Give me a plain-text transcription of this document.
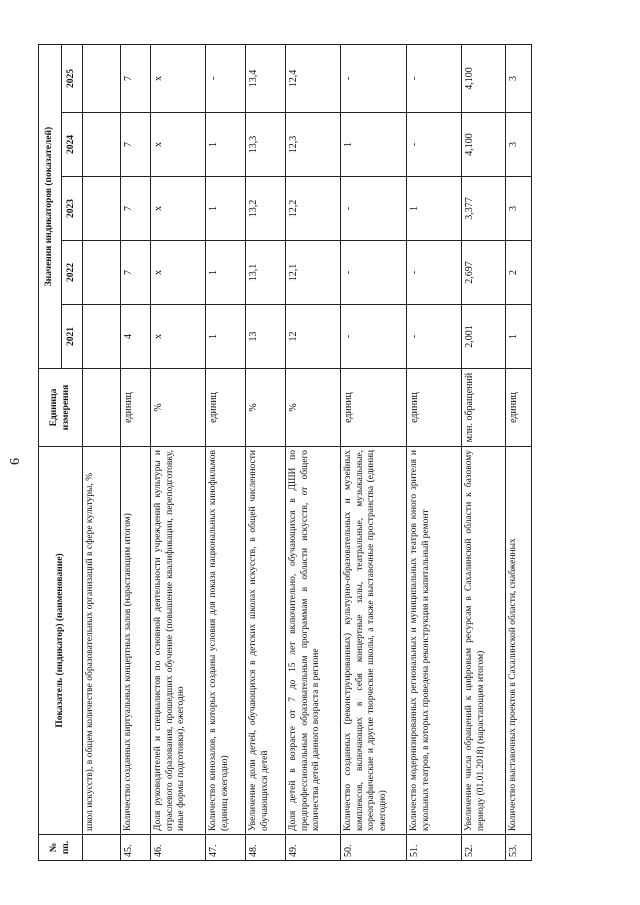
6
№ пп.	Показатель (индикатор) (наименование)	Единица измерения	Значения индикаторов (показателей)				
			2021	2022	2023	2024	2025
	школ искусств), в общем количестве образовательных организаций в сфере культуры, %						
45.	Количество созданных виртуальных концертных залов (нарастающим итогом)	единиц	4	7	7	7	7
46.	Доля руководителей и специалистов по основной деятельности учреждений культуры и отраслевого образования, прошедших обучение (повышение квалификации, переподготовку, иные формы подготовки), ежегодно	%	х	х	х	х	х
47.	Количество кинозалов, в которых созданы условия для показа национальных кинофильмов (единиц ежегодно)	единиц	1	1	1	1	-
48.	Увеличение доли детей, обучающихся в детских школах искусств, в общей численности обучающихся детей	%	13	13,1	13,2	13,3	13,4
49.	Доля детей в возрасте от 7 до 15 лет включительно, обучающихся в ДШИ по предпрофессиональным образовательным программам в области искусств, от общего количества детей данного возраста в регионе	%	12	12,1	12,2	12,3	12,4
50.	Количество созданных (реконструированных) культурно-образовательных и музейных комплексов, включающих в себя концертные залы, театральные, музыкальные, хореографические и другие творческие школы, а также выставочные пространства (единиц ежегодно)	единиц	-	-	-	1	-
51.	Количество модернизированных региональных и муниципальных театров юного зрителя и кукольных театров, в которых проведена реконструкция и капитальный ремонт	единиц	-	-	1	-	-
52.	Увеличение числа обращений к цифровым ресурсам в Сахалинской области к базовому периоду (01.01.2018) (нарастающим итогом)	млн. обращений	2,001	2,697	3,377	4,100	4,100
53.	Количество выставочных проектов в Сахалинской области, снабженных	единиц	1	2	3	3	3
